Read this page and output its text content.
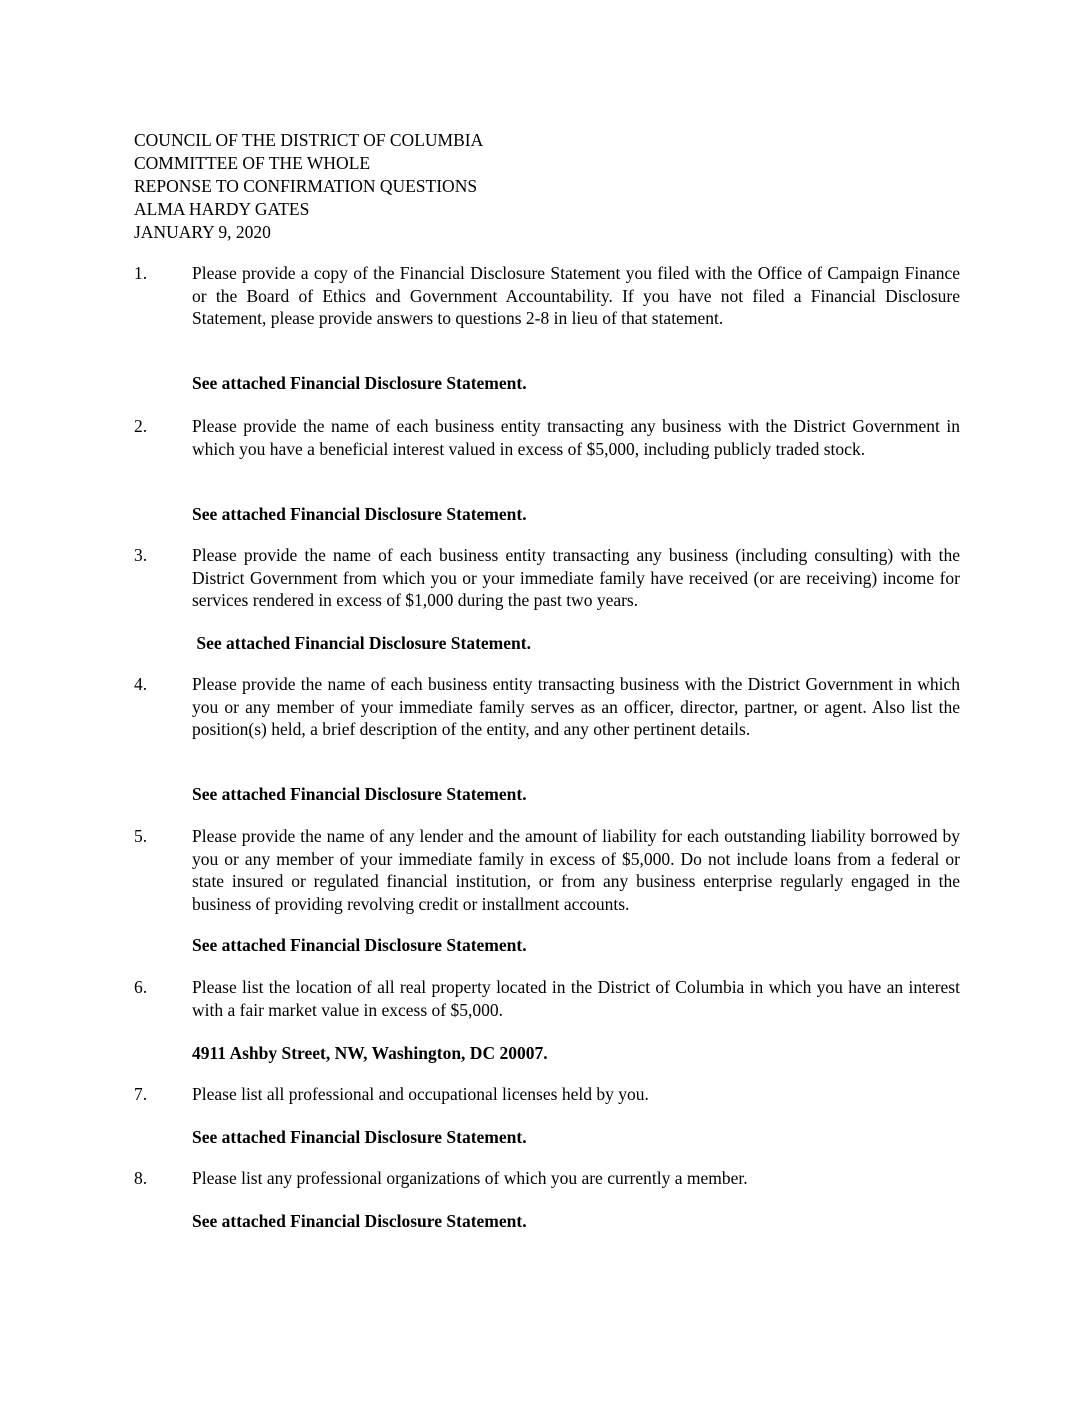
COUNCIL OF THE DISTRICT OF COLUMBIA
COMMITTEE OF THE WHOLE
REPONSE TO CONFIRMATION QUESTIONS
ALMA HARDY GATES
JANUARY 9, 2020
1.	Please provide a copy of the Financial Disclosure Statement you filed with the Office of Campaign Finance or the Board of Ethics and Government Accountability. If you have not filed a Financial Disclosure Statement, please provide answers to questions 2-8 in lieu of that statement.
See attached Financial Disclosure Statement.
2.	Please provide the name of each business entity transacting any business with the District Government in which you have a beneficial interest valued in excess of $5,000, including publicly traded stock.
See attached Financial Disclosure Statement.
3.	Please provide the name of each business entity transacting any business (including consulting) with the District Government from which you or your immediate family have received (or are receiving) income for services rendered in excess of $1,000 during the past two years.
See attached Financial Disclosure Statement.
4.	Please provide the name of each business entity transacting business with the District Government in which you or any member of your immediate family serves as an officer, director, partner, or agent. Also list the position(s) held, a brief description of the entity, and any other pertinent details.
See attached Financial Disclosure Statement.
5.	Please provide the name of any lender and the amount of liability for each outstanding liability borrowed by you or any member of your immediate family in excess of $5,000. Do not include loans from a federal or state insured or regulated financial institution, or from any business enterprise regularly engaged in the business of providing revolving credit or installment accounts.
See attached Financial Disclosure Statement.
6.	Please list the location of all real property located in the District of Columbia in which you have an interest with a fair market value in excess of $5,000.
4911 Ashby Street, NW, Washington, DC 20007.
7.	Please list all professional and occupational licenses held by you.
See attached Financial Disclosure Statement.
8.	Please list any professional organizations of which you are currently a member.
See attached Financial Disclosure Statement.
